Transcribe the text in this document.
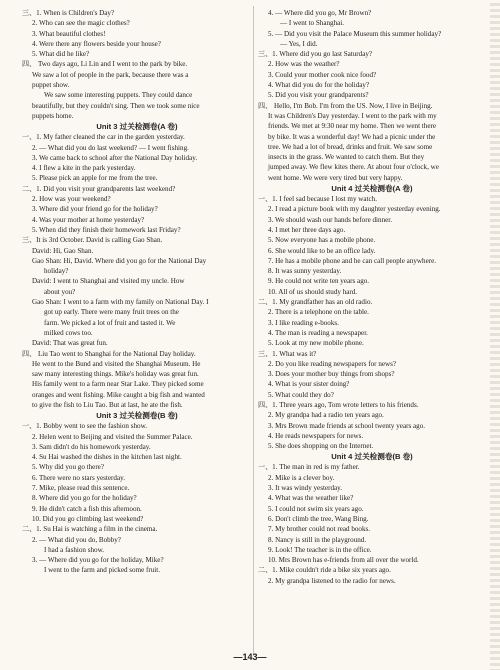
三、1. When is Children's Day?
2. Who can see the magic clothes?
3. What beautiful clothes!
4. Were there any flowers beside your house?
5. What did he like?
四、 Two days ago, Li Lin and I went to the park by bike.
We saw a lot of people in the park, because there was a
puppet show.
We saw some interesting puppets. They could dance
beautifully, but they couldn't sing. Then we took some nice
puppets home.
Unit 3 过关检测卷(A 卷)
一、1. My father cleaned the car in the garden yesterday.
2. — What did you do last weekend? — I went fishing.
3. We came back to school after the National Day holiday.
4. I flew a kite in the park yesterday.
5. Please pick an apple for me from the tree.
二、1. Did you visit your grandparents last weekend?
2. How was your weekend?
3. Where did your friend go for the holiday?
4. Was your mother at home yesterday?
5. When did they finish their homework last Friday?
三、It is 3rd October. David is calling Gao Shan.
David: Hi, Gao Shan.
Gao Shan: Hi, David. Where did you go for the National Day
holiday?
David: I went to Shanghai and visited my uncle. How
about you?
Gao Shan: I went to a farm with my family on National Day. I
got up early. There were many fruit trees on the
farm. We picked a lot of fruit and tasted it. We
milked cows too.
David: That was great fun.
四、 Liu Tao went to Shanghai for the National Day holiday.
He went to the Bund and visited the Shanghai Museum. He
saw many interesting things. Mike's holiday was great fun.
His family went to a farm near Star Lake. They picked some
oranges and went fishing. Mike caught a big fish and wanted
to give the fish to Liu Tao. But at last, he ate the fish.
Unit 3 过关检测卷(B 卷)
一、1. Bobby went to see the fashion show.
2. Helen went to Beijing and visited the Summer Palace.
3. Sam didn't do his homework yesterday.
4. Su Hai washed the dishes in the kitchen last night.
5. Why did you go there?
6. There were no stars yesterday.
7. Mike, please read this sentence.
8. Where did you go for the holiday?
9. He didn't catch a fish this afternoon.
10. Did you go climbing last weekend?
二、1. Su Hai is watching a film in the cinema.
2. — What did you do, Bobby?
I had a fashion show.
3. — Where did you go for the holiday, Mike?
I went to the farm and picked some fruit.
4. — Where did you go, Mr Brown?
— I went to Shanghai.
5. — Did you visit the Palace Museum this summer holiday?
— Yes, I did.
三、1. Where did you go last Saturday?
2. How was the weather?
3. Could your mother cook nice food?
4. What did you do for the holiday?
5. Did you visit your grandparents?
四、 Hello, I'm Bob. I'm from the US. Now, I live in Beijing.
It was Children's Day yesterday. I went to the park with my
friends. We met at 9:30 near my home. Then we went there
by bike. It was a wonderful day! We had a picnic under the
tree. We had a lot of bread, drinks and fruit. We saw some
insects in the grass. We wanted to catch them. But they
jumped away. We flew kites there. At about four o'clock, we
went home. We were very tired but very happy.
Unit 4 过关检测卷(A 卷)
一、1. I feel sad because I lost my watch.
2. I read a picture book with my daughter yesterday evening.
3. We should wash our hands before dinner.
4. I met her three days ago.
5. Now everyone has a mobile phone.
6. She would like to be an office lady.
7. He has a mobile phone and he can call people anywhere.
8. It was sunny yesterday.
9. He could not write ten years ago.
10. All of us should study hard.
二、1. My grandfather has an old radio.
2. There is a telephone on the table.
3. I like reading e-books.
4. The man is reading a newspaper.
5. Look at my new mobile phone.
三、1. What was it?
2. Do you like reading newspapers for news?
3. Does your mother buy things from shops?
4. What is your sister doing?
5. What could they do?
四、1. Three years ago, Tom wrote letters to his friends.
2. My grandpa had a radio ten years ago.
3. Mrs Brown made friends at school twenty years ago.
4. He reads newspapers for news.
5. She does shopping on the Internet.
Unit 4 过关检测卷(B 卷)
一、1. The man in red is my father.
2. Mike is a clever boy.
3. It was windy yesterday.
4. What was the weather like?
5. I could not swim six years ago.
6. Don't climb the tree, Wang Bing.
7. My brother could not read books.
8. Nancy is still in the playground.
9. Look! The teacher is in the office.
10. Mrs Brown has e-friends from all over the world.
二、1. Mike couldn't ride a bike six years ago.
2. My grandpa listened to the radio for news.
—143—
